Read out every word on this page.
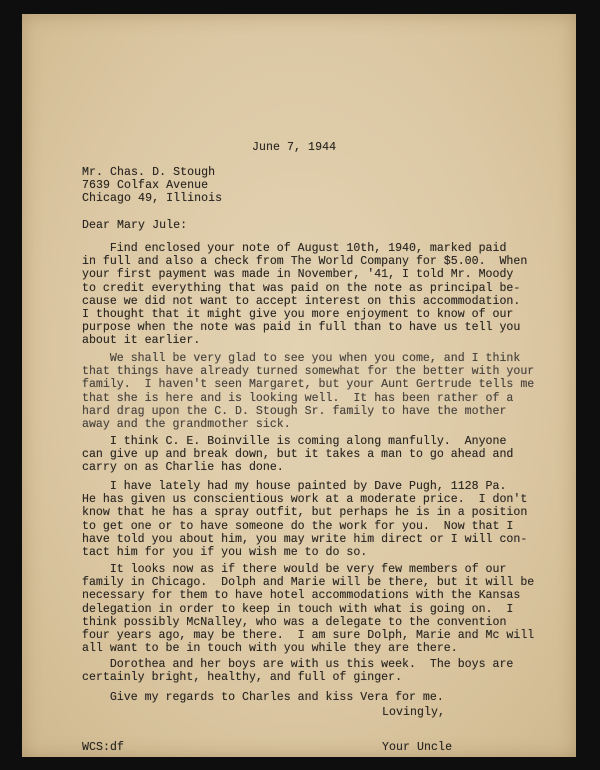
June 7, 1944
Mr. Chas. D. Stough
7639 Colfax Avenue
Chicago 49, Illinois
Dear Mary Jule:
Find enclosed your note of August 10th, 1940, marked paid
in full and also a check from The World Company for $5.00.  When
your first payment was made in November, '41, I told Mr. Moody
to credit everything that was paid on the note as principal be-
cause we did not want to accept interest on this accommodation.
I thought that it might give you more enjoyment to know of our
purpose when the note was paid in full than to have us tell you
about it earlier.
We shall be very glad to see you when you come, and I think
that things have already turned somewhat for the better with your
family.  I haven't seen Margaret, but your Aunt Gertrude tells me
that she is here and is looking well.  It has been rather of a
hard drag upon the C. D. Stough Sr. family to have the mother
away and the grandmother sick.
I think C. E. Boinville is coming along manfully.  Anyone
can give up and break down, but it takes a man to go ahead and
carry on as Charlie has done.
I have lately had my house painted by Dave Pugh, 1128 Pa.
He has given us conscientious work at a moderate price.  I don't
know that he has a spray outfit, but perhaps he is in a position
to get one or to have someone do the work for you.  Now that I
have told you about him, you may write him direct or I will con-
tact him for you if you wish me to do so.
It looks now as if there would be very few members of our
family in Chicago.  Dolph and Marie will be there, but it will be
necessary for them to have hotel accommodations with the Kansas
delegation in order to keep in touch with what is going on.  I
think possibly McNalley, who was a delegate to the convention
four years ago, may be there.  I am sure Dolph, Marie and Mc will
all want to be in touch with you while they are there.
Dorothea and her boys are with us this week.  The boys are
certainly bright, healthy, and full of ginger.
Give my regards to Charles and kiss Vera for me.
Lovingly,
WCS:df	Your Uncle
